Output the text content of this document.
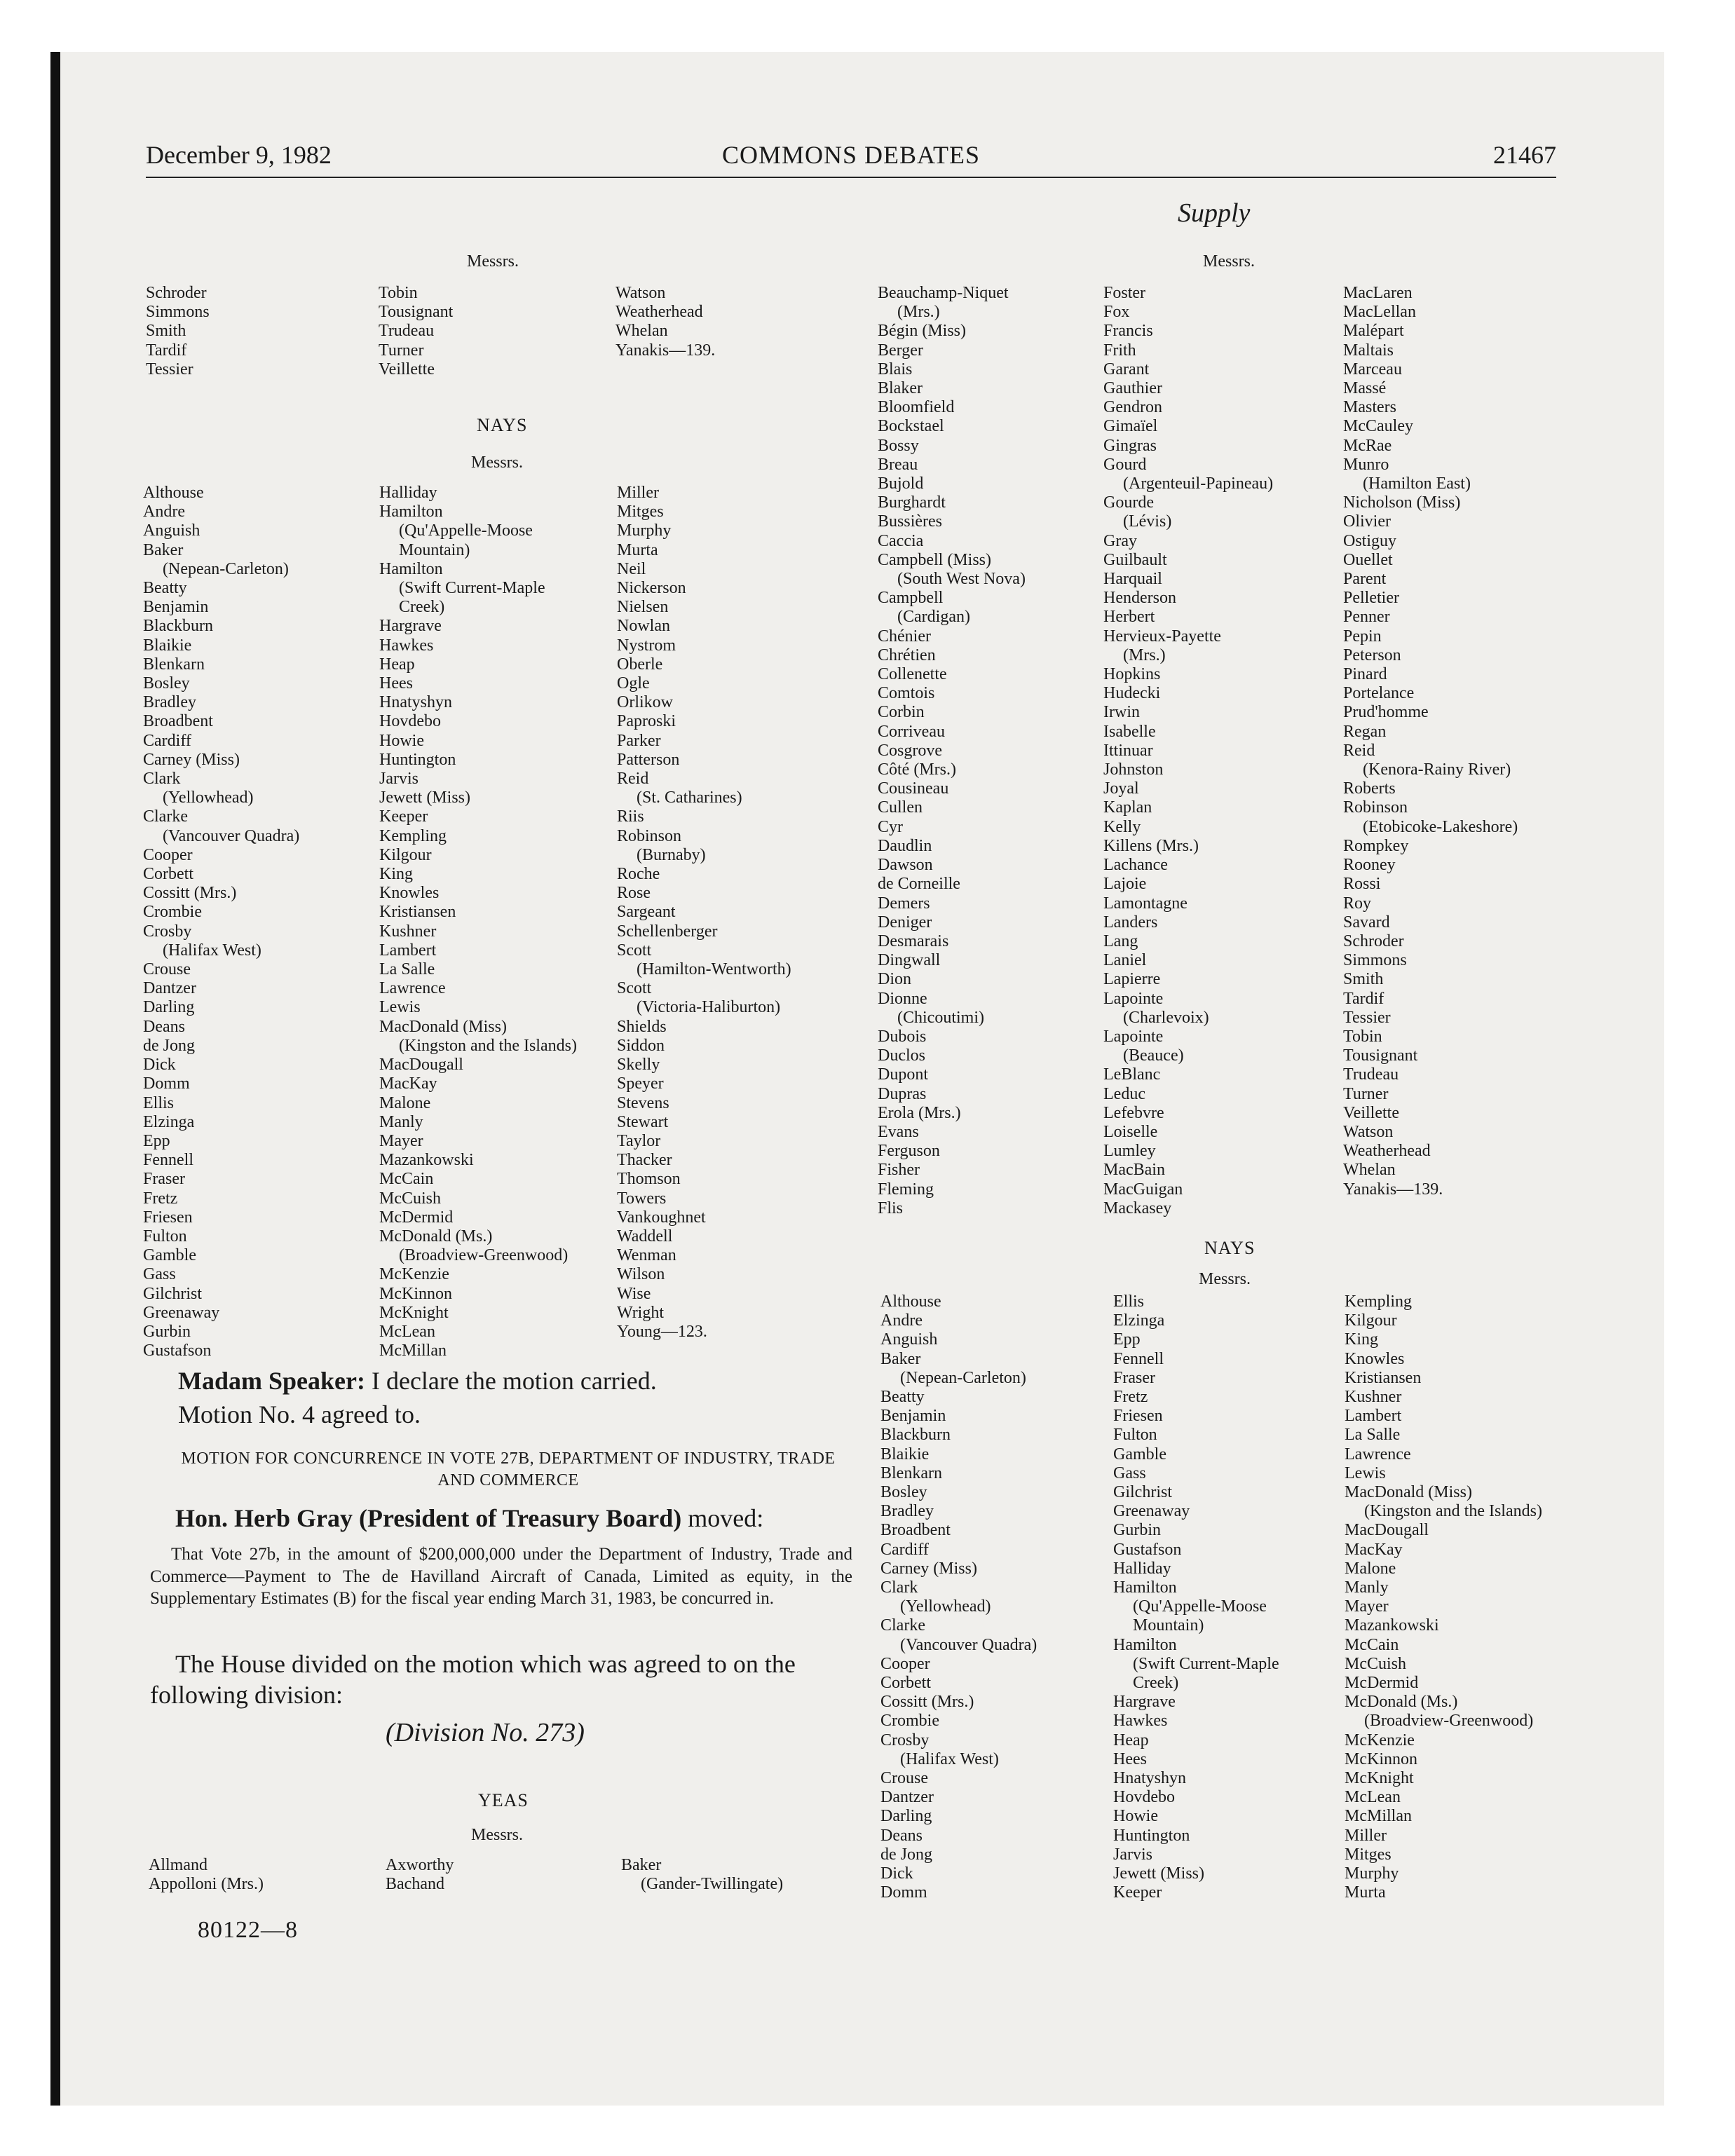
December 9, 1982	COMMONS DEBATES	21467
Supply
Messrs.
Schroder
Simmons
Smith
Tardif
Tessier
Tobin
Tousignant
Trudeau
Turner
Veillette
Watson
Weatherhead
Whelan
Yanakis—139.
NAYS
Messrs.
Althouse
Andre
Anguish
Baker
(Nepean-Carleton)
Beatty
Benjamin
Blackburn
Blaikie
Blenkarn
Bosley
Bradley
Broadbent
Cardiff
Carney (Miss)
Clark
(Yellowhead)
Clarke
(Vancouver Quadra)
Cooper
Corbett
Cossitt (Mrs.)
Crombie
Crosby
(Halifax West)
Crouse
Dantzer
Darling
Deans
de Jong
Dick
Domm
Ellis
Elzinga
Epp
Fennell
Fraser
Fretz
Friesen
Fulton
Gamble
Gass
Gilchrist
Greenaway
Gurbin
Gustafson
Halliday
Hamilton
(Qu'Appelle-Moose
Mountain)
Hamilton
(Swift Current-Maple
Creek)
Hargrave
Hawkes
Heap
Hees
Hnatyshyn
Hovdebo
Howie
Huntington
Jarvis
Jewett (Miss)
Keeper
Kempling
Kilgour
King
Knowles
Kristiansen
Kushner
Lambert
La Salle
Lawrence
Lewis
MacDonald (Miss)
(Kingston and the Islands)
MacDougall
MacKay
Malone
Manly
Mayer
Mazankowski
McCain
McCuish
McDermid
McDonald (Ms.)
(Broadview-Greenwood)
McKenzie
McKinnon
McKnight
McLean
McMillan
Miller
Mitges
Murphy
Murta
Neil
Nickerson
Nielsen
Nowlan
Nystrom
Oberle
Ogle
Orlikow
Paproski
Parker
Patterson
Reid
(St. Catharines)
Riis
Robinson
(Burnaby)
Roche
Rose
Sargeant
Schellenberger
Scott
(Hamilton-Wentworth)
Scott
(Victoria-Haliburton)
Shields
Siddon
Skelly
Speyer
Stevens
Stewart
Taylor
Thacker
Thomson
Towers
Vankoughnet
Waddell
Wenman
Wilson
Wise
Wright
Young—123.
Madam Speaker: I declare the motion carried.
Motion No. 4 agreed to.
MOTION FOR CONCURRENCE IN VOTE 27B, DEPARTMENT OF INDUSTRY, TRADE AND COMMERCE
Hon. Herb Gray (President of Treasury Board) moved:
That Vote 27b, in the amount of $200,000,000 under the Department of Industry, Trade and Commerce—Payment to The de Havilland Aircraft of Canada, Limited as equity, in the Supplementary Estimates (B) for the fiscal year ending March 31, 1983, be concurred in.
The House divided on the motion which was agreed to on the following division:
(Division No. 273)
YEAS
Messrs.
Allmand
Appolloni (Mrs.)
Axworthy
Bachand
Baker
(Gander-Twillingate)
80122—8
Messrs.
Beauchamp-Niquet
(Mrs.)
Bégin (Miss)
Berger
Blais
Blaker
Bloomfield
Bockstael
Bossy
Breau
Bujold
Burghardt
Bussières
Caccia
Campbell (Miss)
(South West Nova)
Campbell
(Cardigan)
Chénier
Chrétien
Collenette
Comtois
Corbin
Corriveau
Cosgrove
Côté (Mrs.)
Cousineau
Cullen
Cyr
Daudlin
Dawson
de Corneille
Demers
Deniger
Desmarais
Dingwall
Dion
Dionne
(Chicoutimi)
Dubois
Duclos
Dupont
Dupras
Erola (Mrs.)
Evans
Ferguson
Fisher
Fleming
Flis
Foster
Fox
Francis
Frith
Garant
Gauthier
Gendron
Gimaïel
Gingras
Gourd
(Argenteuil-Papineau)
Gourde
(Lévis)
Gray
Guilbault
Harquail
Henderson
Herbert
Hervieux-Payette
(Mrs.)
Hopkins
Hudecki
Irwin
Isabelle
Ittinuar
Johnston
Joyal
Kaplan
Kelly
Killens (Mrs.)
Lachance
Lajoie
Lamontagne
Landers
Lang
Laniel
Lapierre
Lapointe
(Charlevoix)
Lapointe
(Beauce)
LeBlanc
Leduc
Lefebvre
Loiselle
Lumley
MacBain
MacGuigan
Mackasey
MacLaren
MacLellan
Malépart
Maltais
Marceau
Massé
Masters
McCauley
McRae
Munro
(Hamilton East)
Nicholson (Miss)
Olivier
Ostiguy
Ouellet
Parent
Pelletier
Penner
Pepin
Peterson
Pinard
Portelance
Prud'homme
Regan
Reid
(Kenora-Rainy River)
Roberts
Robinson
(Etobicoke-Lakeshore)
Rompkey
Rooney
Rossi
Roy
Savard
Schroder
Simmons
Smith
Tardif
Tessier
Tobin
Tousignant
Trudeau
Turner
Veillette
Watson
Weatherhead
Whelan
Yanakis—139.
NAYS
Messrs.
Althouse
Andre
Anguish
Baker
(Nepean-Carleton)
Beatty
Benjamin
Blackburn
Blaikie
Blenkarn
Bosley
Bradley
Broadbent
Cardiff
Carney (Miss)
Clark
(Yellowhead)
Clarke
(Vancouver Quadra)
Cooper
Corbett
Cossitt (Mrs.)
Crombie
Crosby
(Halifax West)
Crouse
Dantzer
Darling
Deans
de Jong
Dick
Domm
Ellis
Elzinga
Epp
Fennell
Fraser
Fretz
Friesen
Fulton
Gamble
Gass
Gilchrist
Greenaway
Gurbin
Gustafson
Halliday
Hamilton
(Qu'Appelle-Moose
Mountain)
Hamilton
(Swift Current-Maple
Creek)
Hargrave
Hawkes
Heap
Hees
Hnatyshyn
Hovdebo
Howie
Huntington
Jarvis
Jewett (Miss)
Keeper
Kempling
Kilgour
King
Knowles
Kristiansen
Kushner
Lambert
La Salle
Lawrence
Lewis
MacDonald (Miss)
(Kingston and the Islands)
MacDougall
MacKay
Malone
Manly
Mayer
Mazankowski
McCain
McCuish
McDermid
McDonald (Ms.)
(Broadview-Greenwood)
McKenzie
McKinnon
McKnight
McLean
McMillan
Miller
Mitges
Murphy
Murta
